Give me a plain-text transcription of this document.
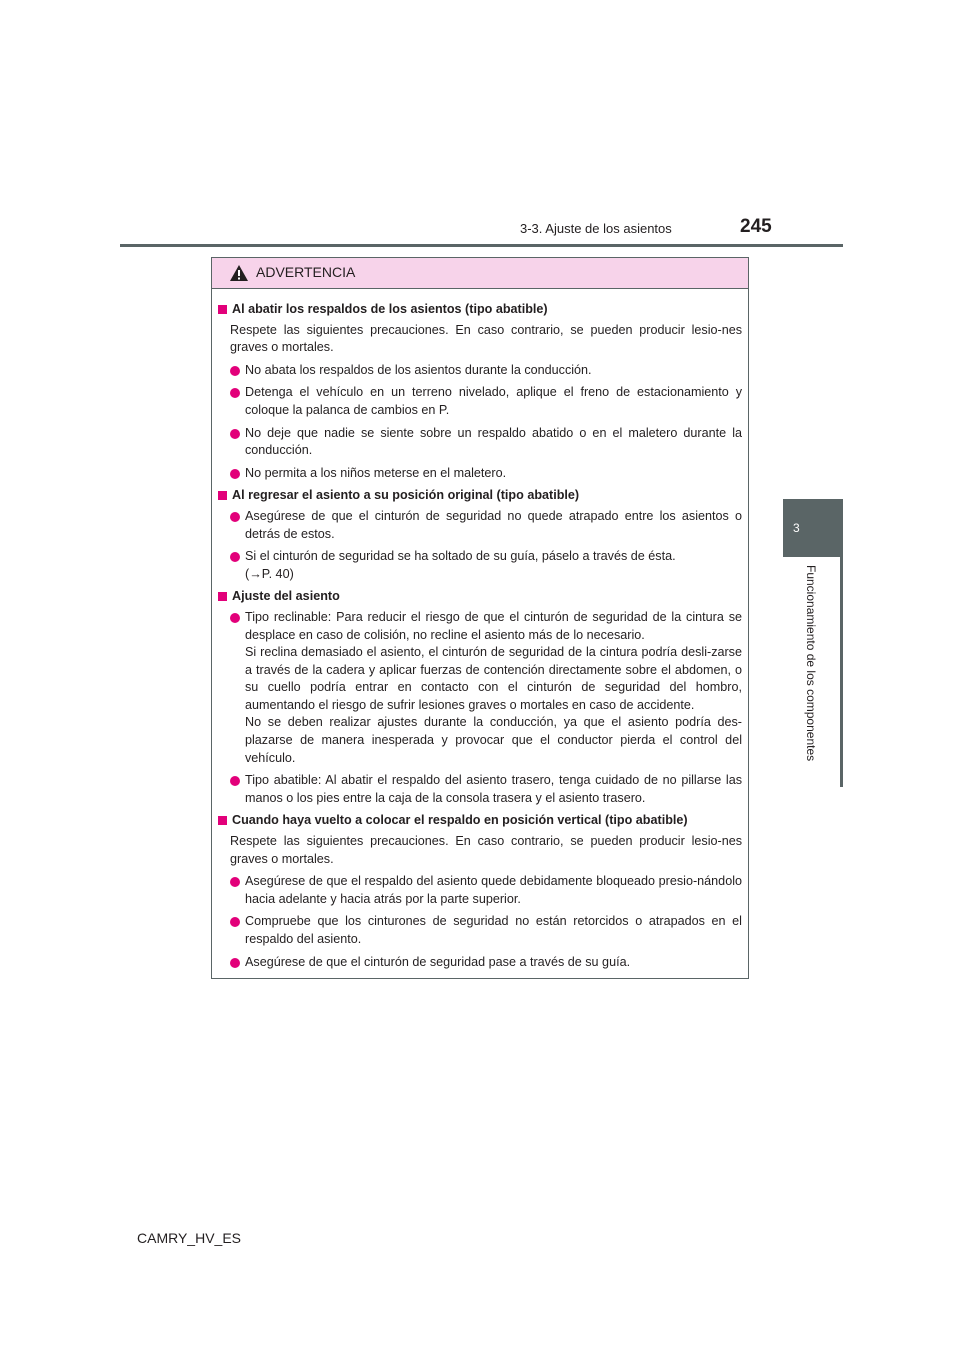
3-3. Ajuste de los asientos	245
3
Funcionamiento de los componentes
ADVERTENCIA
Al abatir los respaldos de los asientos (tipo abatible)
Respete las siguientes precauciones. En caso contrario, se pueden producir lesio-nes graves o mortales.
No abata los respaldos de los asientos durante la conducción.
Detenga el vehículo en un terreno nivelado, aplique el freno de estacionamiento y coloque la palanca de cambios en P.
No deje que nadie se siente sobre un respaldo abatido o en el maletero durante la conducción.
No permita a los niños meterse en el maletero.
Al regresar el asiento a su posición original (tipo abatible)
Asegúrese de que el cinturón de seguridad no quede atrapado entre los asientos o detrás de estos.
Si el cinturón de seguridad se ha soltado de su guía, páselo a través de ésta.
(→P. 40)
Ajuste del asiento
Tipo reclinable: Para reducir el riesgo de que el cinturón de seguridad de la cintura se desplace en caso de colisión, no recline el asiento más de lo necesario.
Si reclina demasiado el asiento, el cinturón de seguridad de la cintura podría desli-zarse a través de la cadera y aplicar fuerzas de contención directamente sobre el abdomen, o su cuello podría entrar en contacto con el cinturón de seguridad del hombro, aumentando el riesgo de sufrir lesiones graves o mortales en caso de accidente.
No se deben realizar ajustes durante la conducción, ya que el asiento podría des-plazarse de manera inesperada y provocar que el conductor pierda el control del vehículo.
Tipo abatible: Al abatir el respaldo del asiento trasero, tenga cuidado de no pillarse las manos o los pies entre la caja de la consola trasera y el asiento trasero.
Cuando haya vuelto a colocar el respaldo en posición vertical (tipo abatible)
Respete las siguientes precauciones. En caso contrario, se pueden producir lesio-nes graves o mortales.
Asegúrese de que el respaldo del asiento quede debidamente bloqueado presio-nándolo hacia adelante y hacia atrás por la parte superior.
Compruebe que los cinturones de seguridad no están retorcidos o atrapados en el respaldo del asiento.
Asegúrese de que el cinturón de seguridad pase a través de su guía.
CAMRY_HV_ES
